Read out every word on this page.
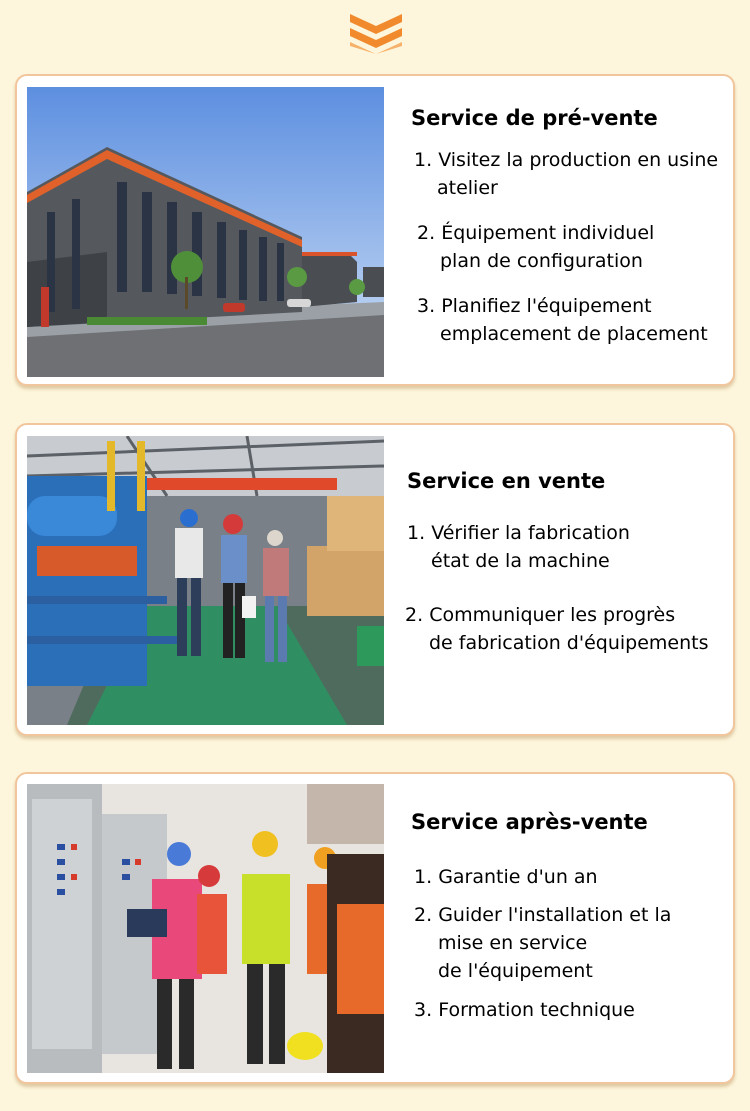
Service de pré-vente
1. Visitez la production en usine
atelier
2. Équipement individuel
plan de configuration
3. Planifiez l'équipement
emplacement de placement
Service en vente
1. Vérifier la fabrication
état de la machine
2. Communiquer les progrès
de fabrication d'équipements
Service après-vente
1. Garantie d'un an
2. Guider l'installation et la
mise en service
de l'équipement
3. Formation technique
